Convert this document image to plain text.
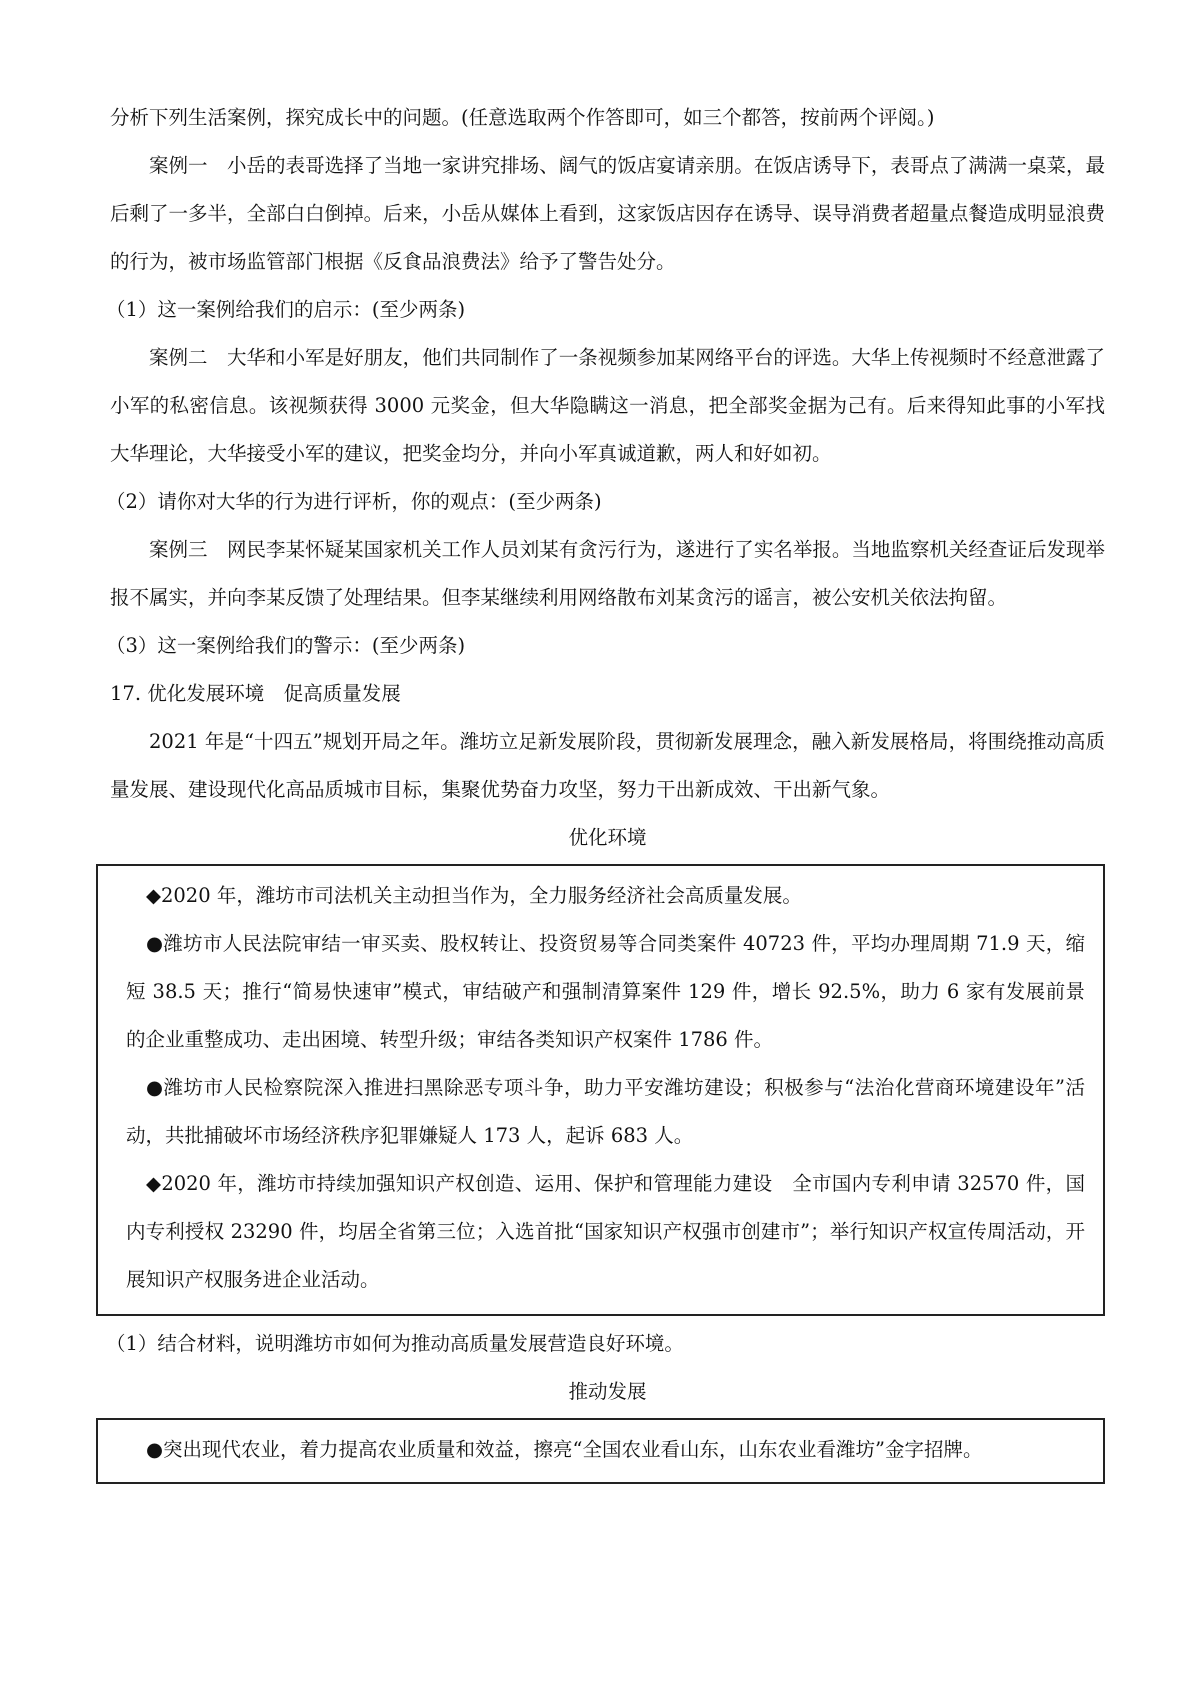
分析下列生活案例，探究成长中的问题。(任意选取两个作答即可，如三个都答，按前两个评阅。)

案例一　小岳的表哥选择了当地一家讲究排场、阔气的饭店宴请亲朋。在饭店诱导下，表哥点了满满一桌菜，最后剩了一多半，全部白白倒掉。后来，小岳从媒体上看到，这家饭店因存在诱导、误导消费者超量点餐造成明显浪费的行为，被市场监管部门根据《反食品浪费法》给予了警告处分。

（1）这一案例给我们的启示：(至少两条)

案例二　大华和小军是好朋友，他们共同制作了一条视频参加某网络平台的评选。大华上传视频时不经意泄露了小军的私密信息。该视频获得 3000 元奖金，但大华隐瞒这一消息，把全部奖金据为己有。后来得知此事的小军找大华理论，大华接受小军的建议，把奖金均分，并向小军真诚道歉，两人和好如初。

（2）请你对大华的行为进行评析，你的观点：(至少两条)

案例三　网民李某怀疑某国家机关工作人员刘某有贪污行为，遂进行了实名举报。当地监察机关经查证后发现举报不属实，并向李某反馈了处理结果。但李某继续利用网络散布刘某贪污的谣言，被公安机关依法拘留。

（3）这一案例给我们的警示：(至少两条)

17. 优化发展环境　促高质量发展

2021 年是“十四五”规划开局之年。潍坊立足新发展阶段，贯彻新发展理念，融入新发展格局，将围绕推动高质量发展、建设现代化高品质城市目标，集聚优势奋力攻坚，努力干出新成效、干出新气象。

优化环境

◆2020 年，潍坊市司法机关主动担当作为，全力服务经济社会高质量发展。

●潍坊市人民法院审结一审买卖、股权转让、投资贸易等合同类案件 40723 件，平均办理周期 71.9 天，缩短 38.5 天；推行“简易快速审”模式，审结破产和强制清算案件 129 件，增长 92.5%，助力 6 家有发展前景的企业重整成功、走出困境、转型升级；审结各类知识产权案件 1786 件。

●潍坊市人民检察院深入推进扫黑除恶专项斗争，助力平安潍坊建设；积极参与“法治化营商环境建设年”活动，共批捕破坏市场经济秩序犯罪嫌疑人 173 人，起诉 683 人。

◆2020 年，潍坊市持续加强知识产权创造、运用、保护和管理能力建设　全市国内专利申请 32570 件，国内专利授权 23290 件，均居全省第三位；入选首批“国家知识产权强市创建市”；举行知识产权宣传周活动，开展知识产权服务进企业活动。

（1）结合材料，说明潍坊市如何为推动高质量发展营造良好环境。

推动发展

●突出现代农业，着力提高农业质量和效益，擦亮“全国农业看山东，山东农业看潍坊”金字招牌。
